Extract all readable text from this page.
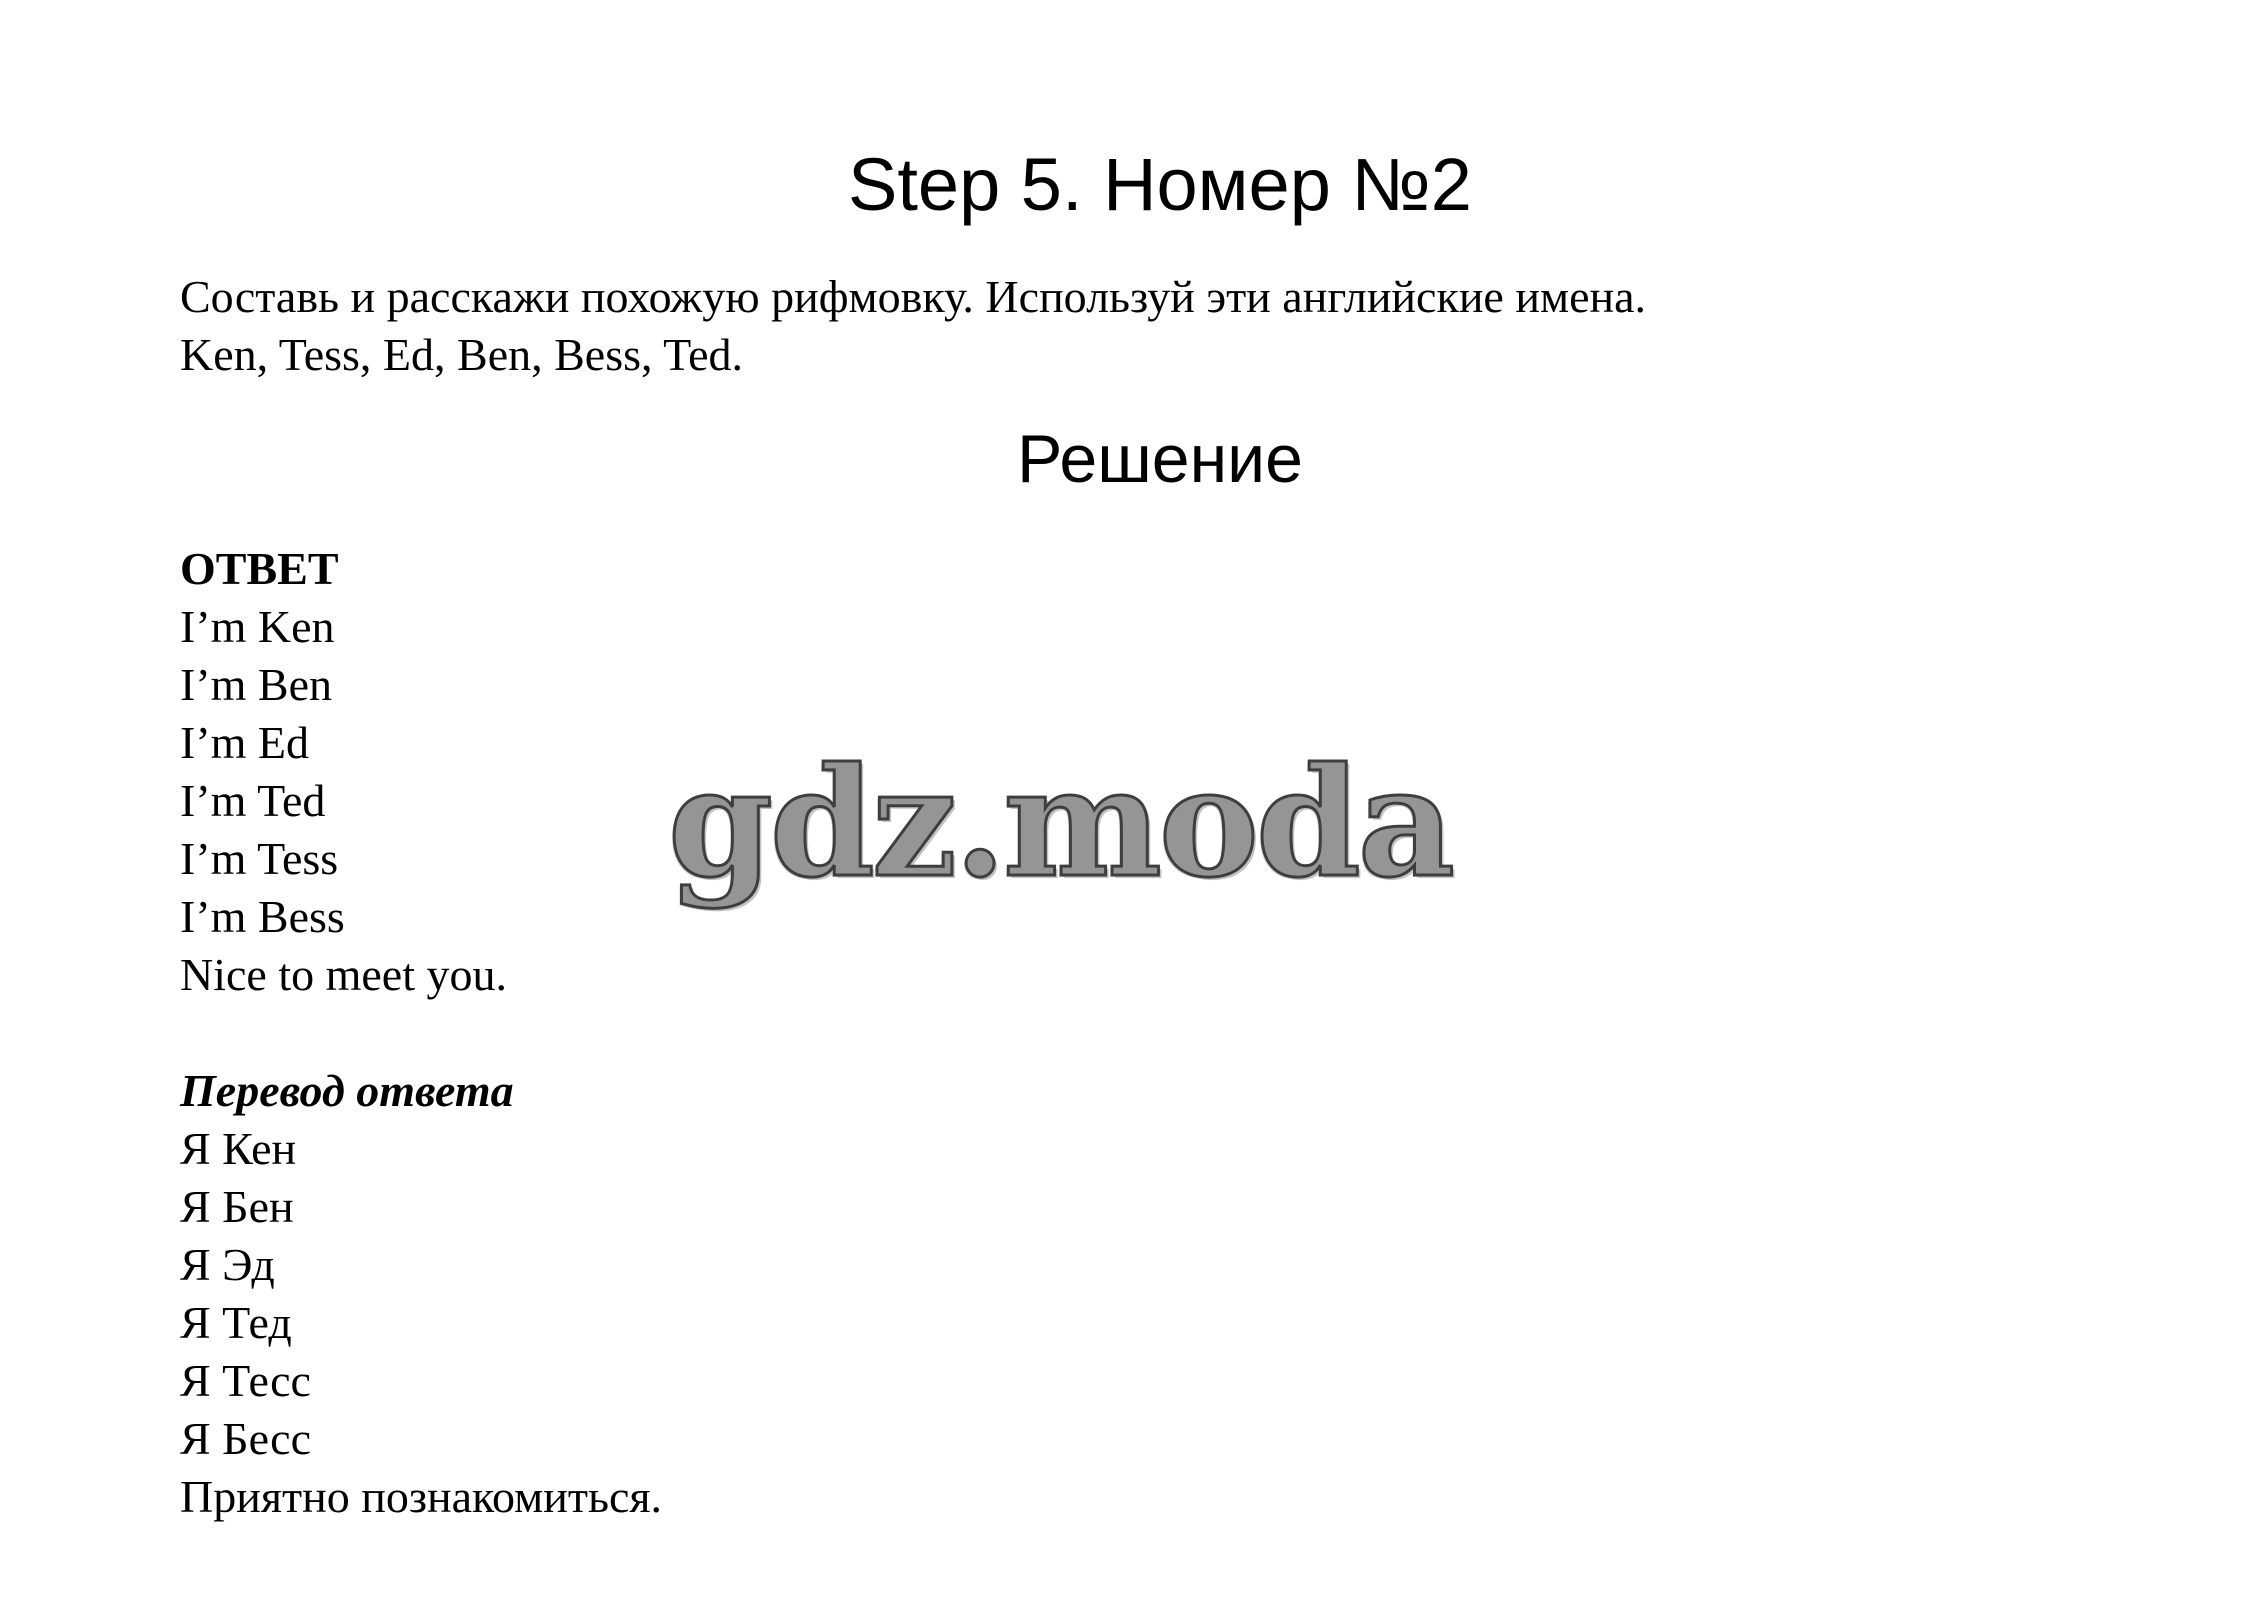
Step 5. Номер №2
Составь и расскажи похожую рифмовку. Используй эти английские имена.
Ken, Tess, Ed, Ben, Bess, Ted.
Решение
ОТВЕТ
I’m Ken
I’m Ben
I’m Ed
I’m Ted
I’m Tess
I’m Bess
Nice to meet you.
Перевод ответа
Я Кен
Я Бен
Я Эд
Я Тед
Я Тесс
Я Бесс
Приятно познакомиться.
gdz.moda
